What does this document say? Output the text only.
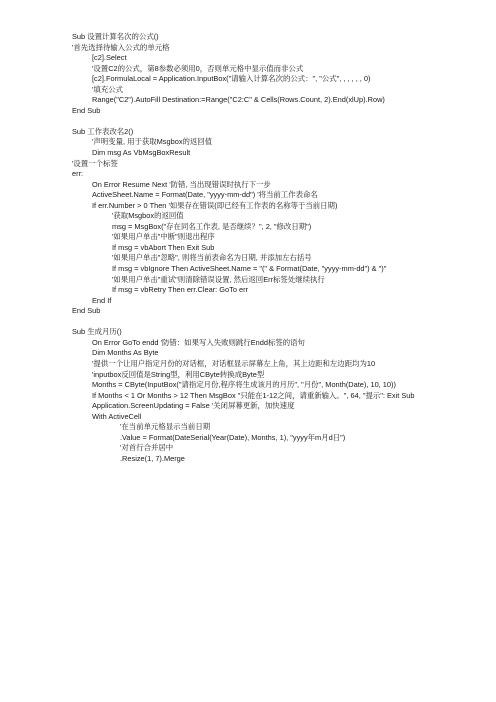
Sub 设置计算名次的公式()
'首先选择待输入公式的单元格
[c2].Select
'设置C2的公式，第8参数必须用0，否则单元格中显示值而非公式
[c2].FormulaLocal = Application.InputBox("请输入计算名次的公式：", "公式", , , , , , 0)
'填充公式
Range("C2").AutoFill Destination:=Range("C2:C" & Cells(Rows.Count, 2).End(xlUp).Row)
End Sub
Sub 工作表改名2()
'声明变量, 用于获取Msgbox的返回值
Dim msg As VbMsgBoxResult
'设置一个标签
err:
On Error Resume Next '防错, 当出现错误时执行下一步
ActiveSheet.Name = Format(Date, "yyyy-mm-dd") '将当前工作表命名
If err.Number > 0 Then '如果存在错误(即已经有工作表的名称等于当前日期)
'获取Msgbox的返回值
msg = MsgBox("存在同名工作表, 是否继续？", 2, "修改日期")
'如果用户单击"中断"则退出程序
If msg = vbAbort Then Exit Sub
'如果用户单击"忽略", 则将当前表命名为日期, 并添加左右括号
If msg = vbIgnore Then ActiveSheet.Name = "(" & Format(Date, "yyyy-mm-dd") & ")"
'如果用户单击"重试"则清除错误设置, 然后返回Err标签处继续执行
If msg = vbRetry Then err.Clear: GoTo err
End If
End Sub
Sub 生成月历()
On Error GoTo endd '防错：如果写入失败则跳行Endd标签的语句
Dim Months As Byte
'提供一个让用户指定月份的对话框，对话框显示屏幕左上角，其上边距和左边距均为10
'inputbox反回值是String型，利用CByte转换成Byte型
Months = CByte(InputBox("请指定月份,程序将生成该月的月历", "月份", Month(Date), 10, 10))
If Months < 1 Or Months > 12 Then MsgBox "只能在1-12之间，请重新输入。", 64, "提示": Exit Sub
Application.ScreenUpdating = False '关闭屏幕更新，加快速度
With ActiveCell
'在当前单元格显示当前日期
.Value = Format(DateSerial(Year(Date), Months, 1), "yyyy年m月d日")
'对首行合并居中
.Resize(1, 7).Merge
